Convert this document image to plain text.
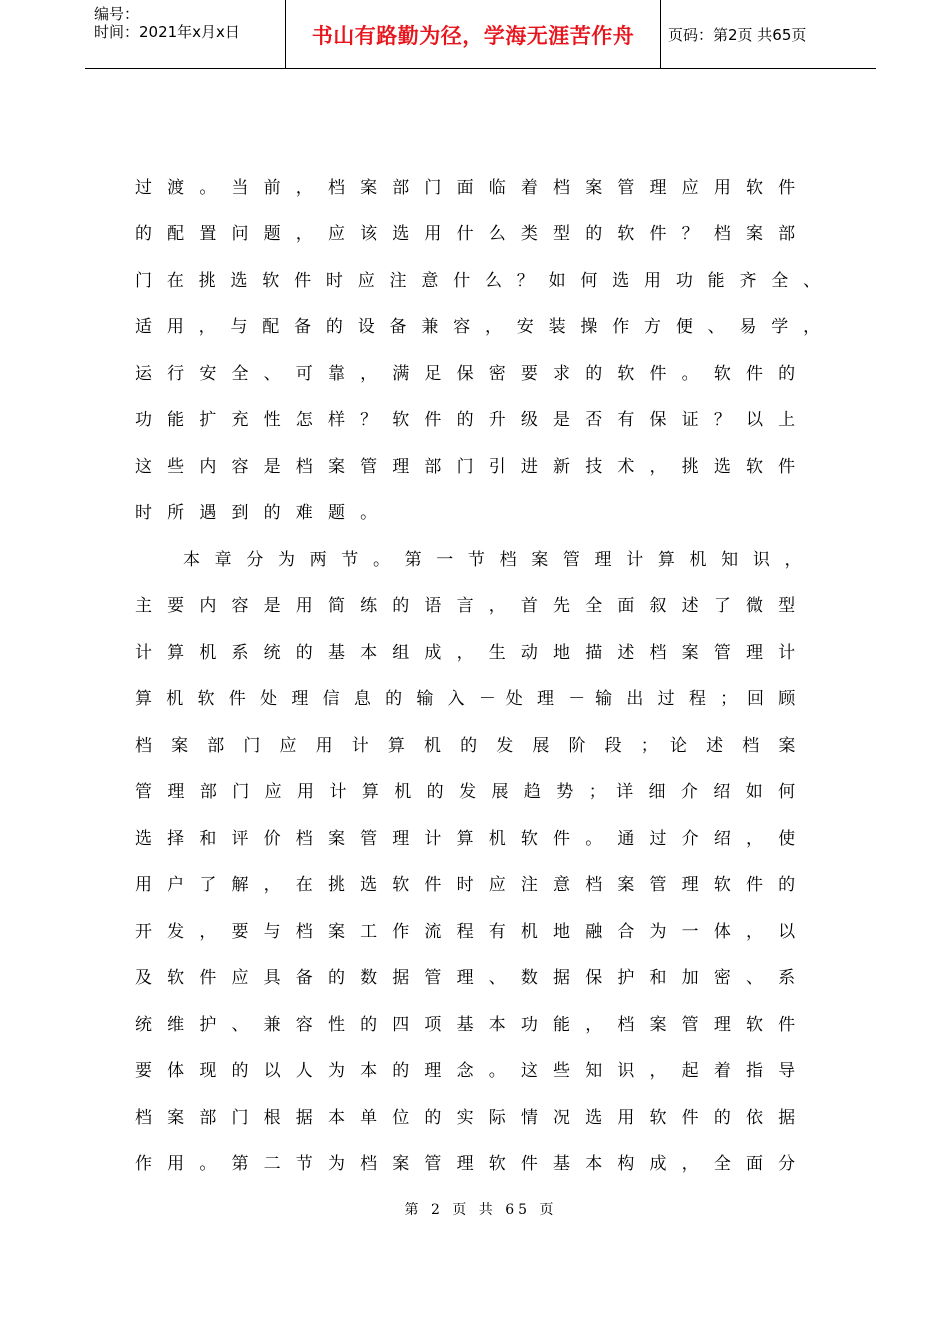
编号：
时间：2021年x月x日	书山有路勤为径，学海无涯苦作舟	页码：第2页 共65页
过 渡 。 当 前 ， 档 案 部 门 面 临 着 档 案 管 理 应 用 软 件
的 配 置 问 题 ， 应 该 选 用 什 么 类 型 的 软 件 ？ 档 案 部
门 在 挑 选 软 件 时 应 注 意 什 么 ？ 如 何 选 用 功 能 齐 全 、
适 用 ， 与 配 备 的 设 备 兼 容 ， 安 装 操 作 方 便 、 易 学 ，
运 行 安 全 、 可 靠 ， 满 足 保 密 要 求 的 软 件 。 软 件 的
功 能 扩 充 性 怎 样 ？ 软 件 的 升 级 是 否 有 保 证 ？ 以 上
这 些 内 容 是 档 案 管 理 部 门 引 进 新 技 术 ， 挑 选 软 件
时 所 遇 到 的 难 题 。
本 章 分 为 两 节 。 第 一 节 档 案 管 理 计 算 机 知 识 ，
主 要 内 容 是 用 简 练 的 语 言 ， 首 先 全 面 叙 述 了 微 型
计 算 机 系 统 的 基 本 组 成 ， 生 动 地 描 述 档 案 管 理 计
算 机 软 件 处 理 信 息 的 输 入 － 处 理 － 输 出 过 程 ； 回 顾
档 案 部 门 应 用 计 算 机 的 发 展 阶 段 ； 论 述 档 案
管 理 部 门 应 用 计 算 机 的 发 展 趋 势 ； 详 细 介 绍 如 何
选 择 和 评 价 档 案 管 理 计 算 机 软 件 。 通 过 介 绍 ， 使
用 户 了 解 ， 在 挑 选 软 件 时 应 注 意 档 案 管 理 软 件 的
开 发 ， 要 与 档 案 工 作 流 程 有 机 地 融 合 为 一 体 ， 以
及 软 件 应 具 备 的 数 据 管 理 、 数 据 保 护 和 加 密 、 系
统 维 护 、 兼 容 性 的 四 项 基 本 功 能 ， 档 案 管 理 软 件
要 体 现 的 以 人 为 本 的 理 念 。 这 些 知 识 ， 起 着 指 导
档 案 部 门 根 据 本 单 位 的 实 际 情 况 选 用 软 件 的 依 据
作 用 。 第 二 节 为 档 案 管 理 软 件 基 本 构 成 ， 全 面 分
第 2 页 共 65 页
